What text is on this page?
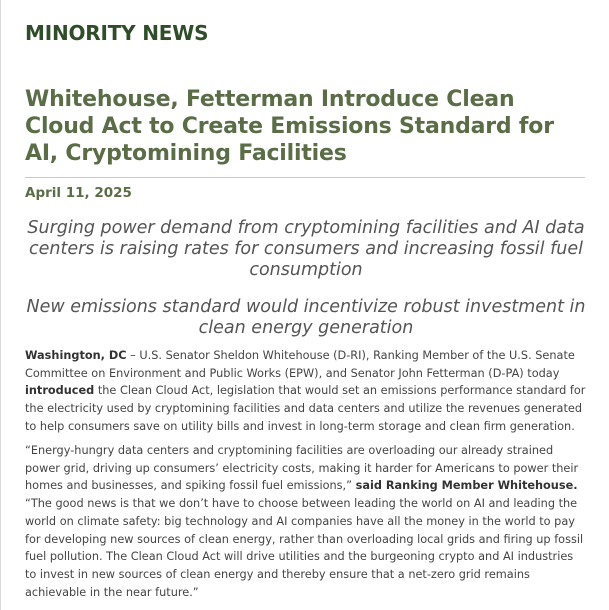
MINORITY NEWS
Whitehouse, Fetterman Introduce Clean Cloud Act to Create Emissions Standard for AI, Cryptomining Facilities
April 11, 2025
Surging power demand from cryptomining facilities and AI data centers is raising rates for consumers and increasing fossil fuel consumption
New emissions standard would incentivize robust investment in clean energy generation

Washington, DC – U.S. Senator Sheldon Whitehouse (D-RI), Ranking Member of the U.S. Senate Committee on Environment and Public Works (EPW), and Senator John Fetterman (D-PA) today introduced the Clean Cloud Act, legislation that would set an emissions performance standard for the electricity used by cryptomining facilities and data centers and utilize the revenues generated to help consumers save on utility bills and invest in long-term storage and clean firm generation.

“Energy-hungry data centers and cryptomining facilities are overloading our already strained power grid, driving up consumers’ electricity costs, making it harder for Americans to power their homes and businesses, and spiking fossil fuel emissions,” said Ranking Member Whitehouse. “The good news is that we don’t have to choose between leading the world on AI and leading the world on climate safety: big technology and AI companies have all the money in the world to pay for developing new sources of clean energy, rather than overloading local grids and firing up fossil fuel pollution. The Clean Cloud Act will drive utilities and the burgeoning crypto and AI industries to invest in new sources of clean energy and thereby ensure that a net-zero grid remains achievable in the near future.”
